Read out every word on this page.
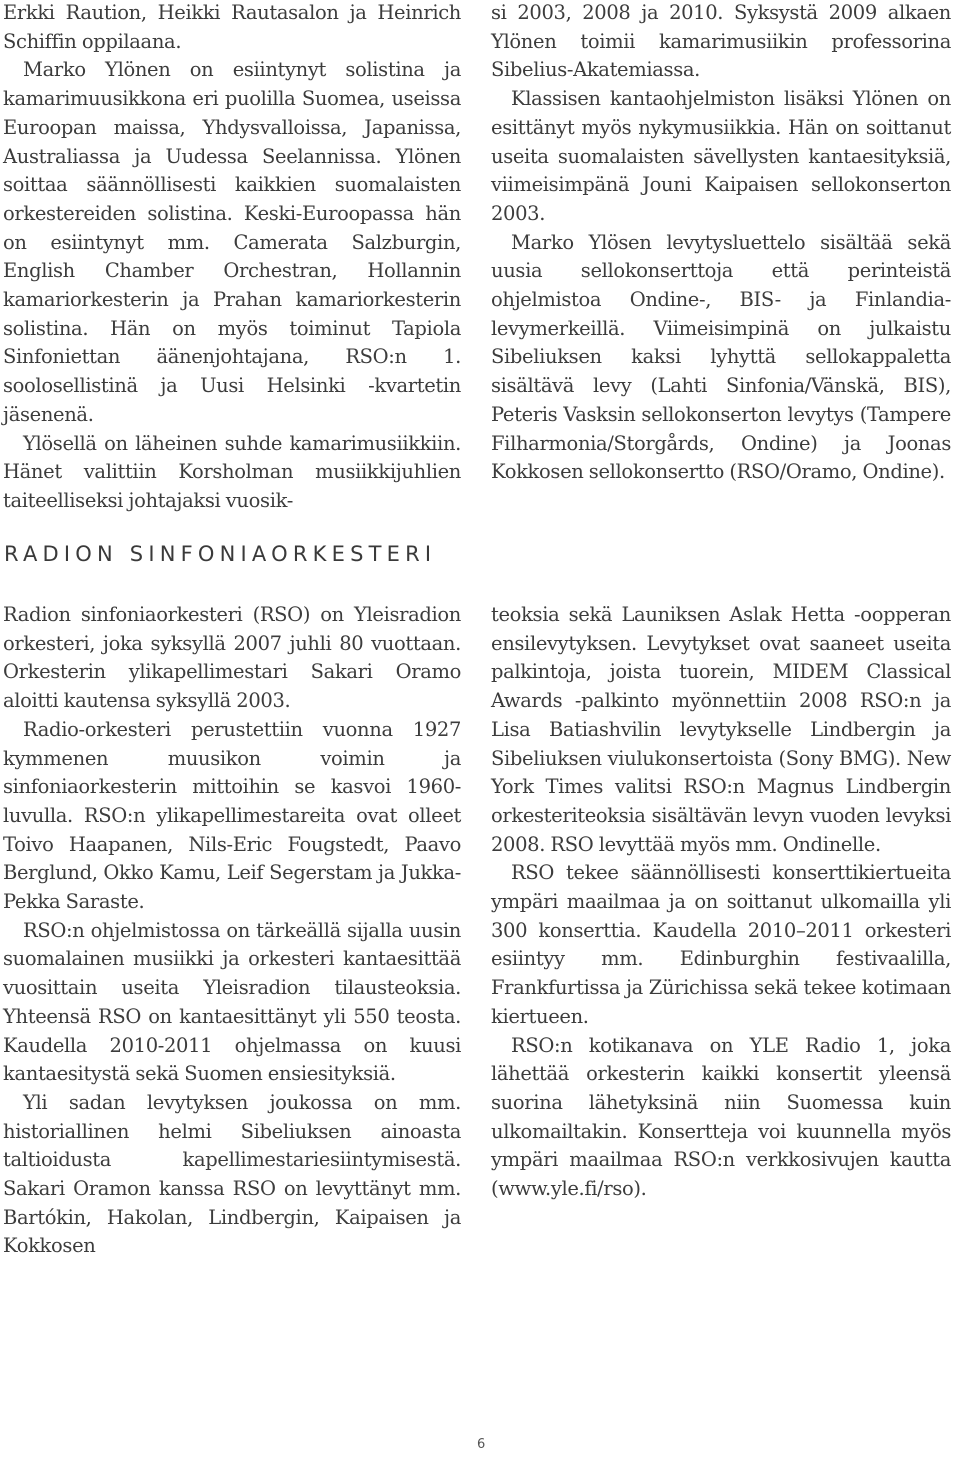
Erkki Raution, Heikki Rautasalon ja Heinrich Schiffin oppilaana.

Marko Ylönen on esiintynyt solistina ja kamarimuusikkona eri puolilla Suomea, useissa Euroopan maissa, Yhdysvalloissa, Japanissa, Australiassa ja Uudessa Seelannissa. Ylönen soittaa säännöllisesti kaikkien suomalaisten orkestereiden solistina. Keski-Euroopassa hän on esiintynyt mm. Camerata Salzburgin, English Chamber Orchestran, Hollannin kamariorkesterin ja Prahan kamariorkesterin solistina. Hän on myös toiminut Tapiola Sinfoniettan äänenjohtajana, RSO:n 1. soolosellistinä ja Uusi Helsinki -kvartetin jäsenenä.

Ylösellä on läheinen suhde kamarimusiikkiin. Hänet valittiin Korsholman musiikkijuhlien taiteelliseksi johtajaksi vuosik-

si 2003, 2008 ja 2010. Syksystä 2009 alkaen Ylönen toimii kamarimusiikin professorina Sibelius-Akatemiassa.

Klassisen kantaohjelmiston lisäksi Ylönen on esittänyt myös nykymusiikkia. Hän on soittanut useita suomalaisten sävellysten kantaesityksiä, viimeisimpänä Jouni Kaipaisen sellokonserton 2003.

Marko Ylösen levytysluettelo sisältää sekä uusia sellokonserttoja että perinteistä ohjelmistoa Ondine-, BIS- ja Finlandia-levymerkeillä. Viimeisimpinä on julkaistu Sibeliuksen kaksi lyhyttä sellokappaletta sisältävä levy (Lahti Sinfonia/Vänskä, BIS), Peteris Vasksin sellokonserton levytys (Tampere Filharmonia/Storgårds, Ondine) ja Joonas Kokkosen sellokonsertto (RSO/Oramo, Ondine).

RADION SINFONIAORKESTERI

Radion sinfoniaorkesteri (RSO) on Yleisradion orkesteri, joka syksyllä 2007 juhli 80 vuottaan. Orkesterin ylikapellimestari Sakari Oramo aloitti kautensa syksyllä 2003.

Radio-orkesteri perustettiin vuonna 1927 kymmenen muusikon voimin ja sinfoniaorkesterin mittoihin se kasvoi 1960-luvulla. RSO:n ylikapellimestareita ovat olleet Toivo Haapanen, Nils-Eric Fougstedt, Paavo Berglund, Okko Kamu, Leif Segerstam ja Jukka-Pekka Saraste.

RSO:n ohjelmistossa on tärkeällä sijalla uusin suomalainen musiikki ja orkesteri kantaesittää vuosittain useita Yleisradion tilausteoksia. Yhteensä RSO on kantaesittänyt yli 550 teosta. Kaudella 2010-2011 ohjelmassa on kuusi kantaesitystä sekä Suomen ensiesityksiä.

Yli sadan levytyksen joukossa on mm. historiallinen helmi Sibeliuksen ainoasta taltioidusta kapellimestariesiintymisestä. Sakari Oramon kanssa RSO on levyttänyt mm. Bartókin, Hakolan, Lindbergin, Kaipaisen ja Kokkosen

teoksia sekä Launiksen Aslak Hetta -oopperan ensilevytyksen. Levytykset ovat saaneet useita palkintoja, joista tuorein, MIDEM Classical Awards -palkinto myönnettiin 2008 RSO:n ja Lisa Batiashvilin levytykselle Lindbergin ja Sibeliuksen viulukonsertoista (Sony BMG). New York Times valitsi RSO:n Magnus Lindbergin orkesteriteoksia sisältävän levyn vuoden levyksi 2008. RSO levyttää myös mm. Ondinelle.

RSO tekee säännöllisesti konserttikiertueita ympäri maailmaa ja on soittanut ulkomailla yli 300 konserttia. Kaudella 2010–2011 orkesteri esiintyy mm. Edinburghin festivaalilla, Frankfurtissa ja Zürichissa sekä tekee kotimaan kiertueen.

RSO:n kotikanava on YLE Radio 1, joka lähettää orkesterin kaikki konsertit yleensä suorina lähetyksinä niin Suomessa kuin ulkomailtakin. Konsertteja voi kuunnella myös ympäri maailmaa RSO:n verkkosivujen kautta (www.yle.fi/rso).

6
